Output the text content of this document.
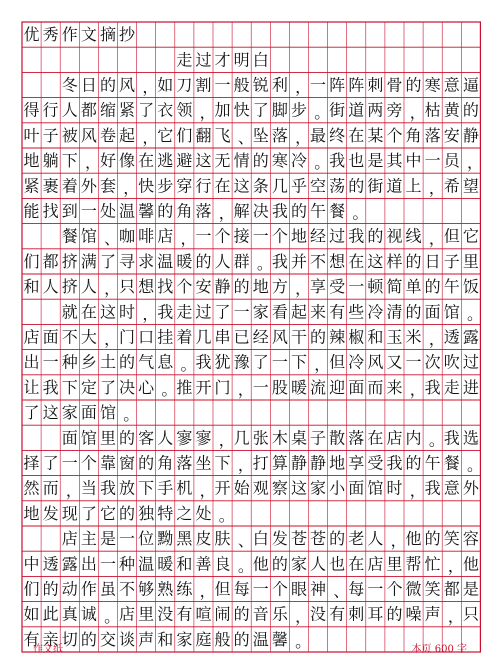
优 秀 作 文 摘 抄
走 过 才 明 白
冬 日 的 风 ，
如 刀 割 一 般 锐 利 ，
一 阵 阵 刺 骨 的 寒 意 逼
得 行 人 都 缩 紧 了 衣 领 ，
加 快 了 脚 步 。
街 道 两 旁 ，
枯 黄 的
叶 子 被 风 卷 起 ，
它 们 翻 飞 、
坠 落 ，
最 终 在 某 个 角 落 安 静
地 躺 下 ，
好 像 在 逃 避 这 无 情 的 寒 冷 。
我 也 是 其 中 一 员 ，
紧 裹 着 外 套 ，
快 步 穿 行 在 这 条 几 乎 空 荡 的 街 道 上 ，
希 望
能 找 到 一 处 温 馨 的 角 落 ，
解 决 我 的 午 餐 。
餐 馆 、
咖 啡 店 ，
一 个 接 一 个 地 经 过 我 的 视 线 ，
但 它
们 都 挤 满 了 寻 求 温 暖 的 人 群 。
我 并 不 想 在 这 样 的 日 子 里
和 人 挤 人 ，
只 想 找 个 安 静 的 地 方 ，
享 受 一 顿 简 单 的 午 饭
就 在 这 时 ，
我 走 过 了 一 家 看 起 来 有 些 冷 清 的 面 馆 。
店 面 不 大 ，
门 口 挂 着 几 串 已 经 风 干 的 辣 椒 和 玉 米 ，
透 露
出 一 种 乡 土 的 气 息 。
我 犹 豫 了 一 下 ，
但 冷 风 又 一 次 吹 过
让 我 下 定 了 决 心 。
推 开 门 ，
一 股 暖 流 迎 面 而 来 ，
我 走 进
了 这 家 面 馆 。
面 馆 里 的 客 人 寥 寥 ，
几 张 木 桌 子 散 落 在 店 内 。
我 选
择 了 一 个 靠 窗 的 角 落 坐 下 ，
打 算 静 静 地 享 受 我 的 午 餐 。
然 而 ，
当 我 放 下 手 机 ，
开 始 观 察 这 家 小 面 馆 时 ，
我 意 外
地 发 现 了 它 的 独 特 之 处 。
店 主 是 一 位 黝 黑 皮 肤 、
白 发 苍 苍 的 老 人 ，
他 的 笑 容
中 透 露 出 一 种 温 暖 和 善 良 。
他 的 家 人 也 在 店 里 帮 忙 ，
他
们 的 动 作 虽 不 够 熟 练 ，
但 每 一 个 眼 神 、
每 一 个 微 笑 都 是
如 此 真 诚 。
店 里 没 有 喧 闹 的 音 乐 ，
没 有 刺 耳 的 噪 声 ，
只
有 亲 切 的 交 谈 声 和 家 庭 般 的 温 馨 。
作文纸	本页 600 字
